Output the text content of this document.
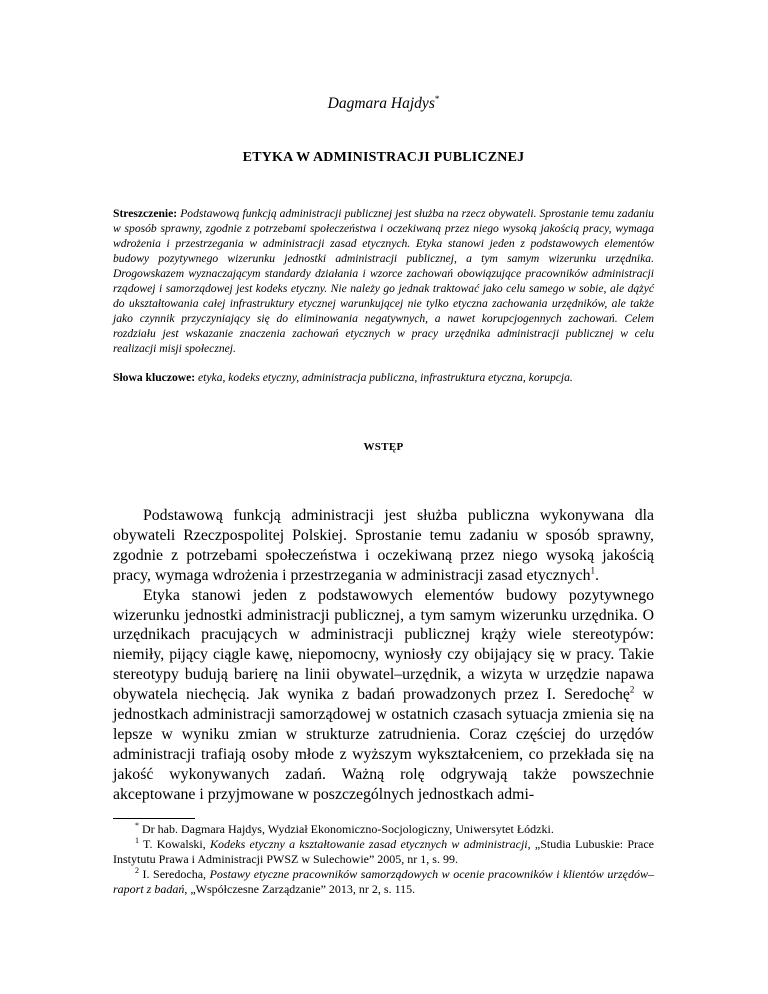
Dagmara Hajdys*
ETYKA W ADMINISTRACJI PUBLICZNEJ
Streszczenie: Podstawową funkcją administracji publicznej jest służba na rzecz obywateli. Sprostanie temu zadaniu w sposób sprawny, zgodnie z potrzebami społeczeństwa i oczekiwaną przez niego wysoką jakością pracy, wymaga wdrożenia i przestrzegania w administracji zasad etycznych. Etyka stanowi jeden z podstawowych elementów budowy pozytywnego wizerunku jednostki administracji publicznej, a tym samym wizerunku urzędnika. Drogowskazem wyznaczającym standardy działania i wzorce zachowań obowiązujące pracowników administracji rządowej i samorządowej jest kodeks etyczny. Nie należy go jednak traktować jako celu samego w sobie, ale dążyć do ukształtowania całej infrastruktury etycznej warunkującej nie tylko etyczna zachowania urzędników, ale także jako czynnik przyczyniający się do eliminowania negatywnych, a nawet korupcjogennych zachowań. Celem rozdziału jest wskazanie znaczenia zachowań etycznych w pracy urzędnika administracji publicznej w celu realizacji misji społecznej.
Słowa kluczowe: etyka, kodeks etyczny, administracja publiczna, infrastruktura etyczna, korupcja.
WSTĘP

Podstawową funkcją administracji jest służba publiczna wykonywana dla obywateli Rzeczpospolitej Polskiej. Sprostanie temu zadaniu w sposób sprawny, zgodnie z potrzebami społeczeństwa i oczekiwaną przez niego wysoką jakością pracy, wymaga wdrożenia i przestrzegania w administracji zasad etycznych$^1$.

Etyka stanowi jeden z podstawowych elementów budowy pozytywnego wizerunku jednostki administracji publicznej, a tym samym wizerunku urzędnika. O urzędnikach pracujących w administracji publicznej krąży wiele stereotypów: niemiły, pijący ciągle kawę, niepomocny, wyniosły czy obijający się w pracy. Takie stereotypy budują barierę na linii obywatel–urzędnik, a wizyta w urzędzie napawa obywatela niechęcią. Jak wynika z badań prowadzonych przez I. Seredochę$^2$ w jednostkach administracji samorządowej w ostatnich czasach sytuacja zmienia się na lepsze w wyniku zmian w strukturze zatrudnienia. Coraz częściej do urzędów administracji trafiają osoby młode z wyższym wykształceniem, co przekłada się na jakość wykonywanych zadań. Ważną rolę odgrywają także powszechnie akceptowane i przyjmowane w poszczególnych jednostkach admi-

* Dr hab. Dagmara Hajdys, Wydział Ekonomiczno-Socjologiczny, Uniwersytet Łódzki.

$^1$ T. Kowalski, Kodeks etyczny a kształtowanie zasad etycznych w administracji, „Studia Lubuskie: Prace Instytutu Prawa i Administracji PWSZ w Sulechowie” 2005, nr 1, s. 99.

$^2$ I. Seredocha, Postawy etyczne pracowników samorządowych w ocenie pracowników i klientów urzędów– raport z badań, „Współczesne Zarządzanie” 2013, nr 2, s. 115.
